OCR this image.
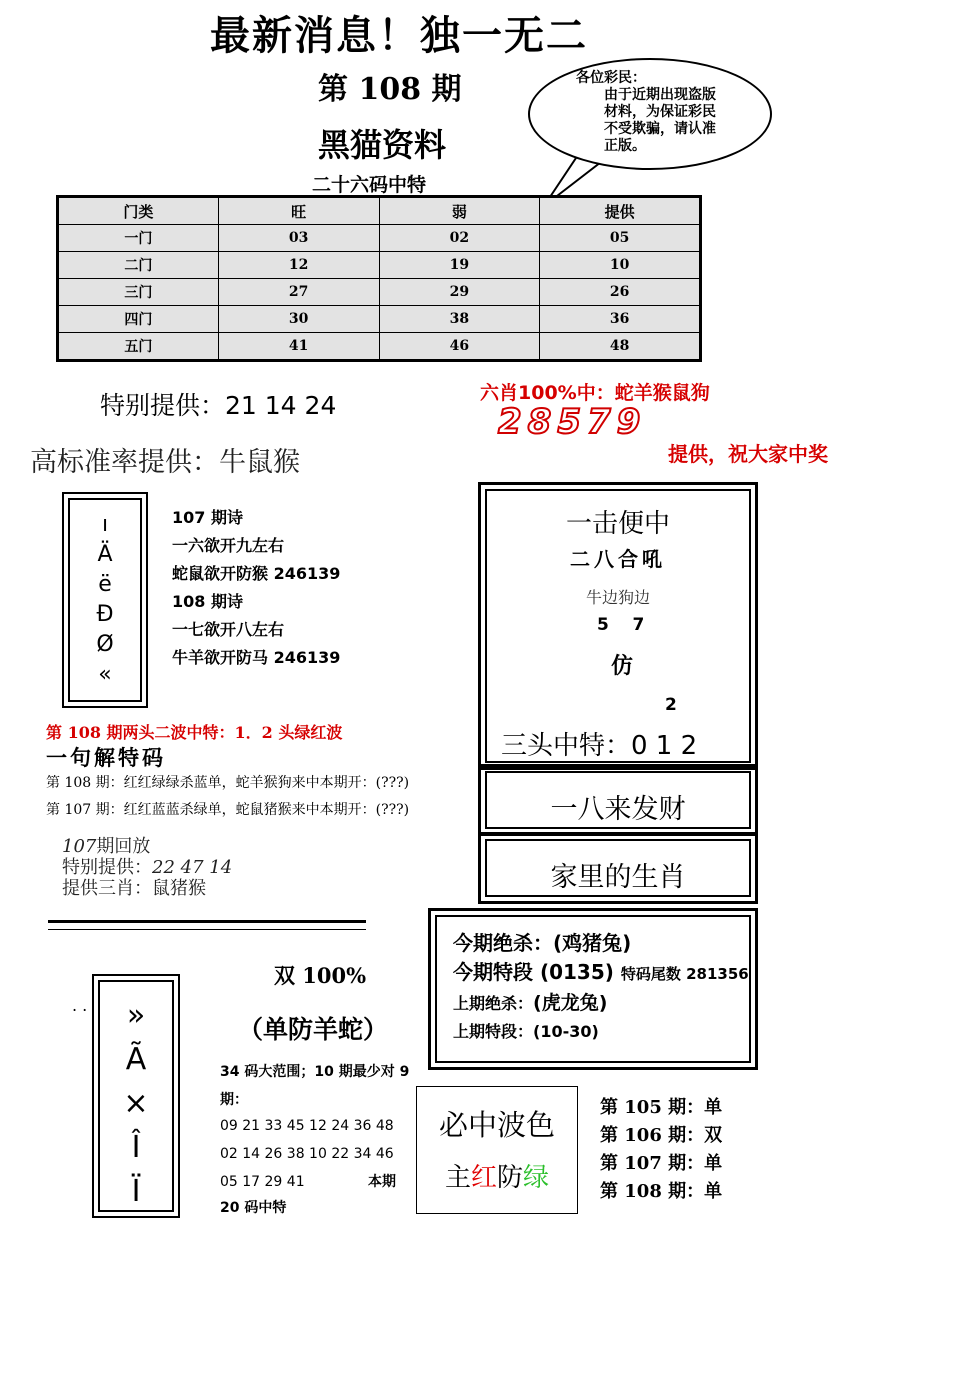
最新消息！独一无二
第 108 期
黑猫资料
二十六码中特
各位彩民：
由于近期出现盗版材料，为保证彩民不受欺骗，请认准正版。
门类	旺	弱	提供
一门	03	02	05
二门	12	19	10
三门	27	29	26
四门	30	38	36
五门	41	46	48
特别提供：21 14 24	六肖100%中：蛇羊猴鼠狗
28579
提供，祝大家中奖
高标准率提供：牛鼠猴
ı
Ä
ë
Ð
Ø
«
107 期诗
一六欲开九左右
蛇鼠欲开防猴 246139
108 期诗
一七欲开八左右
牛羊欲开防马 246139
第 108 期两头二波中特：1．2 头绿红波
一句解特码
第 108 期：红红绿绿杀蓝单，蛇羊猴狗来中本期开：(???)
第 107 期：红红蓝蓝杀绿单，蛇鼠猪猴来中本期开：(???)
107期回放
特别提供：22 47 14
提供三肖：鼠猪猴
. .
一击便中
二八合吼
牛边狗边
5    7
仿
2
三头中特：0 1 2
一八来发财
家里的生肖
今期绝杀：(鸡猪兔)
今期特段 (0135) 特码尾数 281356
上期绝杀：(虎龙兔)
上期特段：(10-30)
»
Ã
×
Î
Ï
双 100%
（单防羊蛇）
34 码大范围；10 期最少对 9 期：
09 21 33 45 12 24 36 48
02 14 26 38 10 22 34 46
05 17 29 41	本期
20 码中特
必中波色
主红防绿
第 105 期：单
第 106 期：双
第 107 期：单
第 108 期：单
